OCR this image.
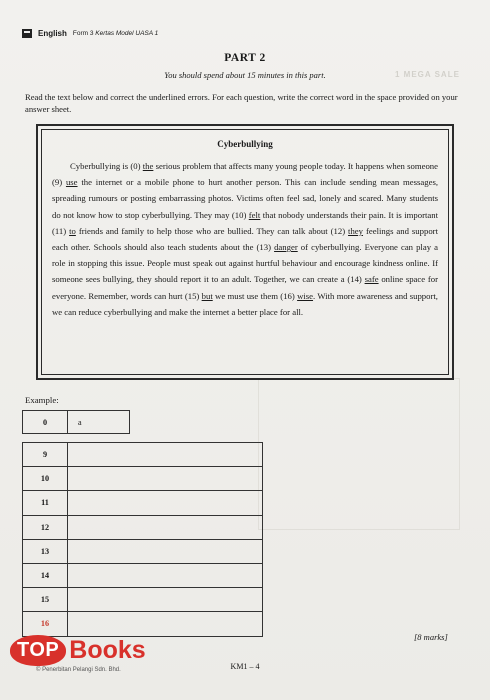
1 MEGA SALE
English Form 3 Kertas Model UASA 1
PART 2
You should spend about 15 minutes in this part.
Read the text below and correct the underlined errors. For each question, write the correct word in the space provided on your answer sheet.
Cyberbullying

Cyberbullying is (0) the serious problem that affects many young people today. It happens when someone (9) use the internet or a mobile phone to hurt another person. This can include sending mean messages, spreading rumours or posting embarrassing photos. Victims often feel sad, lonely and scared. Many students do not know how to stop cyberbullying. They may (10) felt that nobody understands their pain. It is important (11) to friends and family to help those who are bullied. They can talk about (12) they feelings and support each other. Schools should also teach students about the (13) danger of cyberbullying. Everyone can play a role in stopping this issue. People must speak out against hurtful behaviour and encourage kindness online. If someone sees bullying, they should report it to an adult. Together, we can create a (14) safe online space for everyone. Remember, words can hurt (15) but we must use them (16) wise. With more awareness and support, we can reduce cyberbullying and make the internet a better place for all.

Example:
0	a
9	
10	
11	
12	
13	
14	
15	
16	
[8 marks]
KM1 – 4
© Penerbitan Pelangi Sdn. Bhd.
TOP Books
